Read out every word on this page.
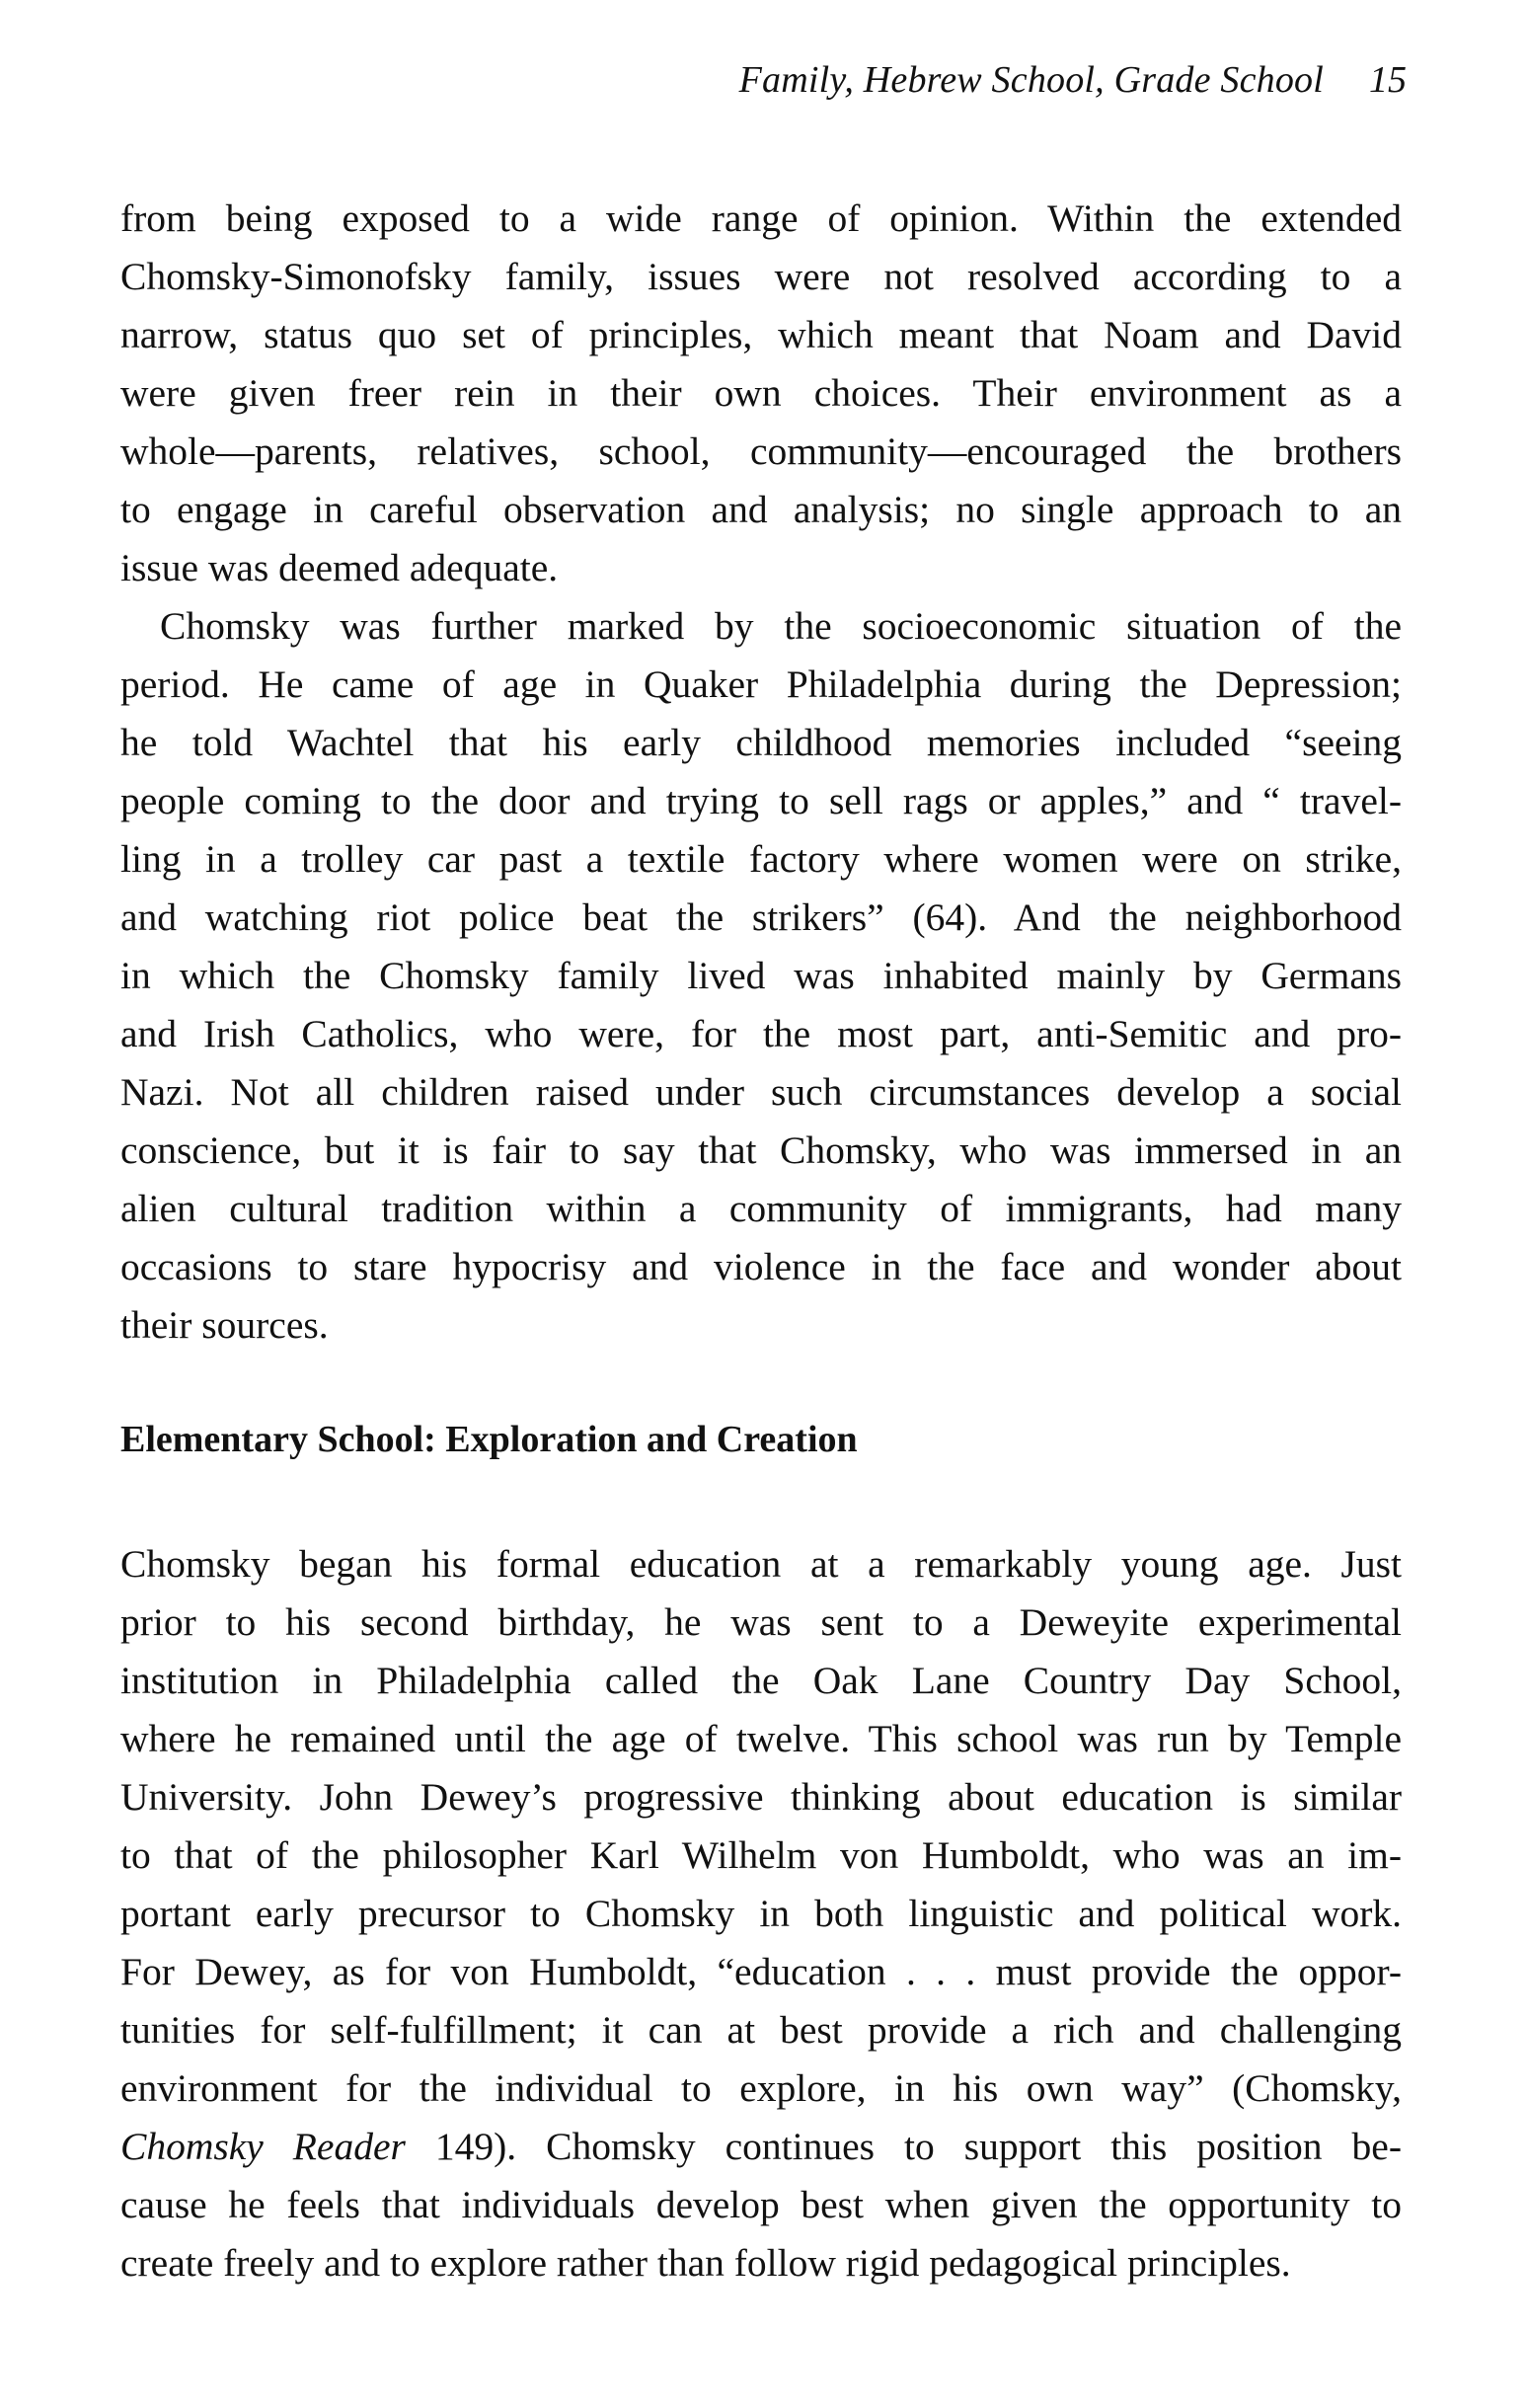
Family, Hebrew School, Grade School 15
from being exposed to a wide range of opinion. Within the extended
Chomsky-Simonofsky family, issues were not resolved according to a
narrow, status quo set of principles, which meant that Noam and David
were given freer rein in their own choices. Their environment as a
whole—parents, relatives, school, community—encouraged the brothers
to engage in careful observation and analysis; no single approach to an
issue was deemed adequate.
Chomsky was further marked by the socioeconomic situation of the
period. He came of age in Quaker Philadelphia during the Depression;
he told Wachtel that his early childhood memories included “seeing
people coming to the door and trying to sell rags or apples,” and “ travel-
ling in a trolley car past a textile factory where women were on strike,
and watching riot police beat the strikers” (64). And the neighborhood
in which the Chomsky family lived was inhabited mainly by Germans
and Irish Catholics, who were, for the most part, anti-Semitic and pro-
Nazi. Not all children raised under such circumstances develop a social
conscience, but it is fair to say that Chomsky, who was immersed in an
alien cultural tradition within a community of immigrants, had many
occasions to stare hypocrisy and violence in the face and wonder about
their sources.
Elementary School: Exploration and Creation
Chomsky began his formal education at a remarkably young age. Just
prior to his second birthday, he was sent to a Deweyite experimental
institution in Philadelphia called the Oak Lane Country Day School,
where he remained until the age of twelve. This school was run by Temple
University. John Dewey’s progressive thinking about education is similar
to that of the philosopher Karl Wilhelm von Humboldt, who was an im-
portant early precursor to Chomsky in both linguistic and political work.
For Dewey, as for von Humboldt, “education . . . must provide the oppor-
tunities for self-fulfillment; it can at best provide a rich and challenging
environment for the individual to explore, in his own way” (Chomsky,
Chomsky Reader 149). Chomsky continues to support this position be-
cause he feels that individuals develop best when given the opportunity to
create freely and to explore rather than follow rigid pedagogical principles.
